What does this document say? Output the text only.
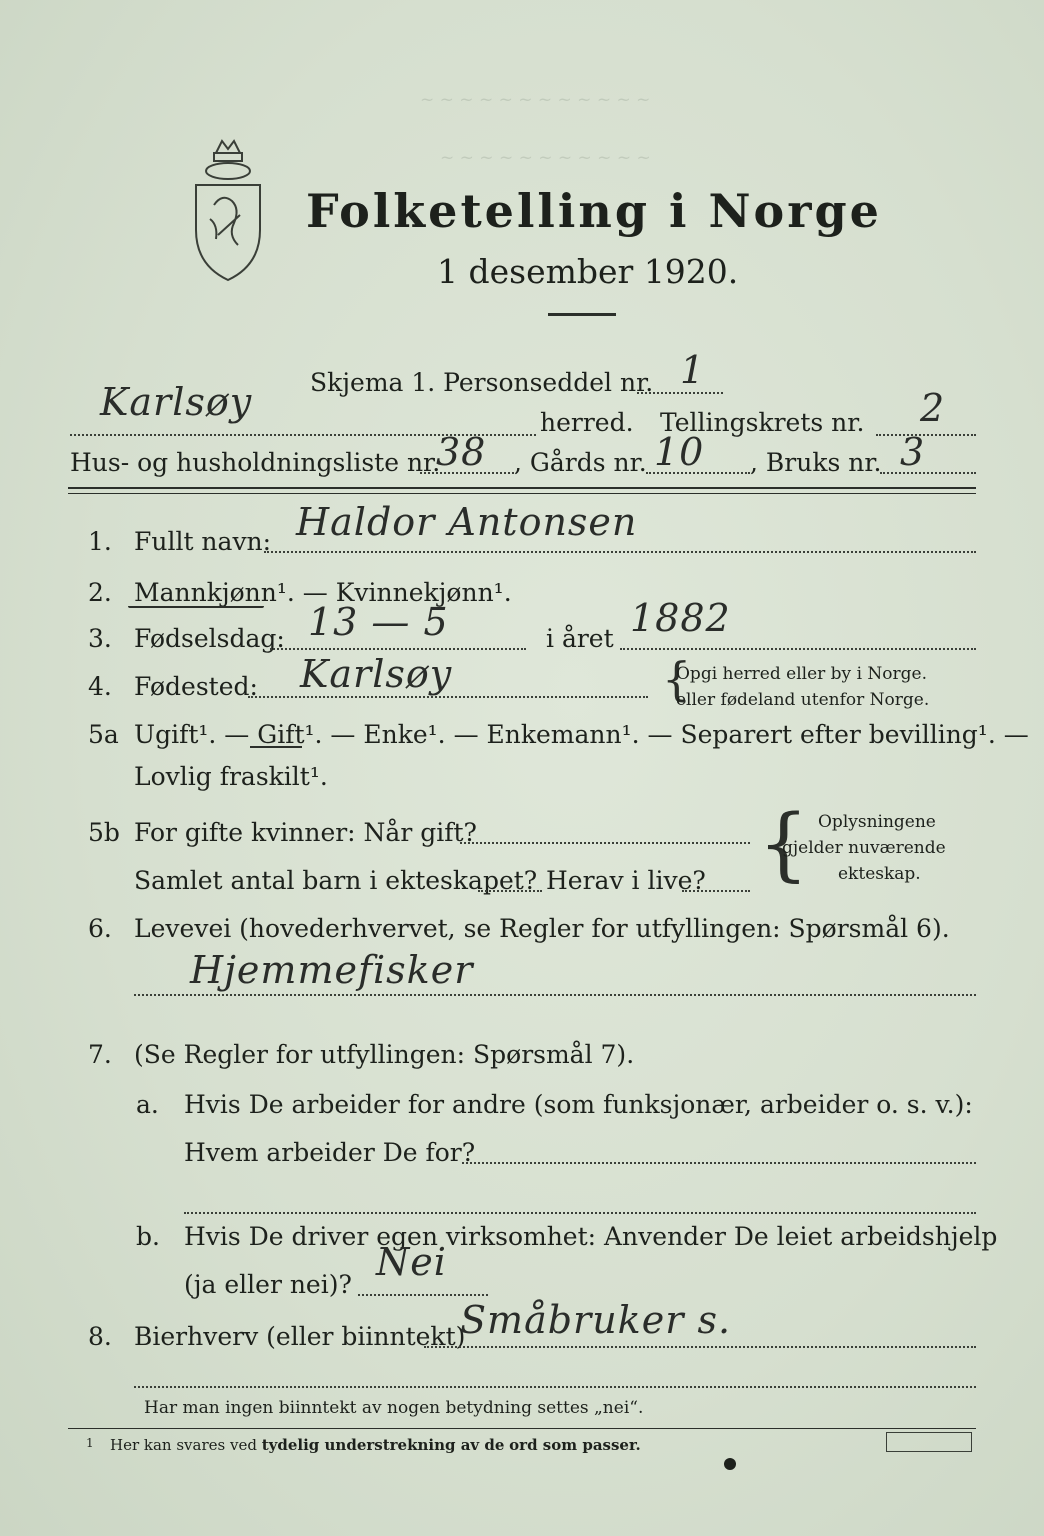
~ ~ ~ ~ ~ ~ ~ ~ ~ ~ ~ ~
~ ~ ~ ~ ~ ~ ~ ~ ~ ~ ~
Folketelling i Norge
1 desember 1920.
Skjema 1. Personseddel nr. 1
Karlsøy	herred. Tellingskrets nr. 2
Hus- og husholdningsliste nr.
38 , Gårds nr. 10 , Bruks nr. 3
1. Fullt navn: Haldor Antonsen
2. Mannkjønn¹. — Kvinnekjønn¹.
3. Fødselsdag: 13 — 5	i året 1882
4. Fødested: Karlsøy	{
Opgi herred eller by i Norge.
eller fødeland utenfor Norge.
5a Ugift¹. — Gift¹. — Enke¹. — Enkemann¹. — Separert efter bevilling¹. —
Lovlig fraskilt¹.
5b For gifte kvinner: Når gift?
Samlet antal barn i ekteskapet? Herav i live? { Oplysningene
gjelder nuværende
ekteskap.
6. Levevei (hovederhvervet, se Regler for utfyllingen: Spørsmål 6).
Hjemmefisker
7. (Se Regler for utfyllingen: Spørsmål 7).
a. Hvis De arbeider for andre (som funksjonær, arbeider o. s. v.):
Hvem arbeider De for?
b. Hvis De driver egen virksomhet: Anvender De leiet arbeidshjelp
(ja eller nei)?
Nei
8. Bierhverv (eller biinntekt)
Småbruker s.
Har man ingen biinntekt av nogen betydning settes „nei“.
1 Her kan svares ved tydelig understrekning av de ord som passer.
